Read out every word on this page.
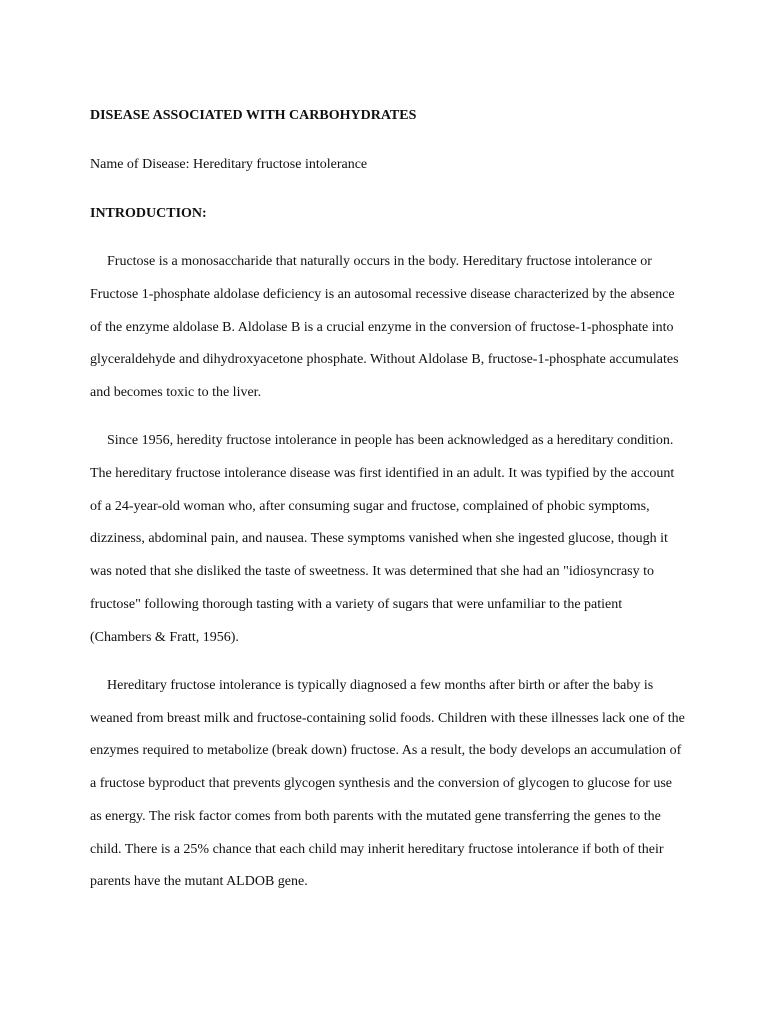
DISEASE ASSOCIATED WITH CARBOHYDRATES

Name of Disease: Hereditary fructose intolerance

INTRODUCTION:

Fructose is a monosaccharide that naturally occurs in the body. Hereditary fructose intolerance or

Fructose 1-phosphate aldolase deficiency is an autosomal recessive disease characterized by the absence

of the enzyme aldolase B. Aldolase B is a crucial enzyme in the conversion of fructose-1-phosphate into

glyceraldehyde and dihydroxyacetone phosphate. Without Aldolase B, fructose-1-phosphate accumulates

and becomes toxic to the liver.

Since 1956, heredity fructose intolerance in people has been acknowledged as a hereditary condition.

The hereditary fructose intolerance disease was first identified in an adult. It was typified by the account

of a 24-year-old woman who, after consuming sugar and fructose, complained of phobic symptoms,

dizziness, abdominal pain, and nausea. These symptoms vanished when she ingested glucose, though it

was noted that she disliked the taste of sweetness. It was determined that she had an "idiosyncrasy to

fructose" following thorough tasting with a variety of sugars that were unfamiliar to the patient

(Chambers & Fratt, 1956).

Hereditary fructose intolerance is typically diagnosed a few months after birth or after the baby is

weaned from breast milk and fructose-containing solid foods. Children with these illnesses lack one of the

enzymes required to metabolize (break down) fructose. As a result, the body develops an accumulation of

a fructose byproduct that prevents glycogen synthesis and the conversion of glycogen to glucose for use

as energy. The risk factor comes from both parents with the mutated gene transferring the genes to the

child. There is a 25% chance that each child may inherit hereditary fructose intolerance if both of their

parents have the mutant ALDOB gene.
